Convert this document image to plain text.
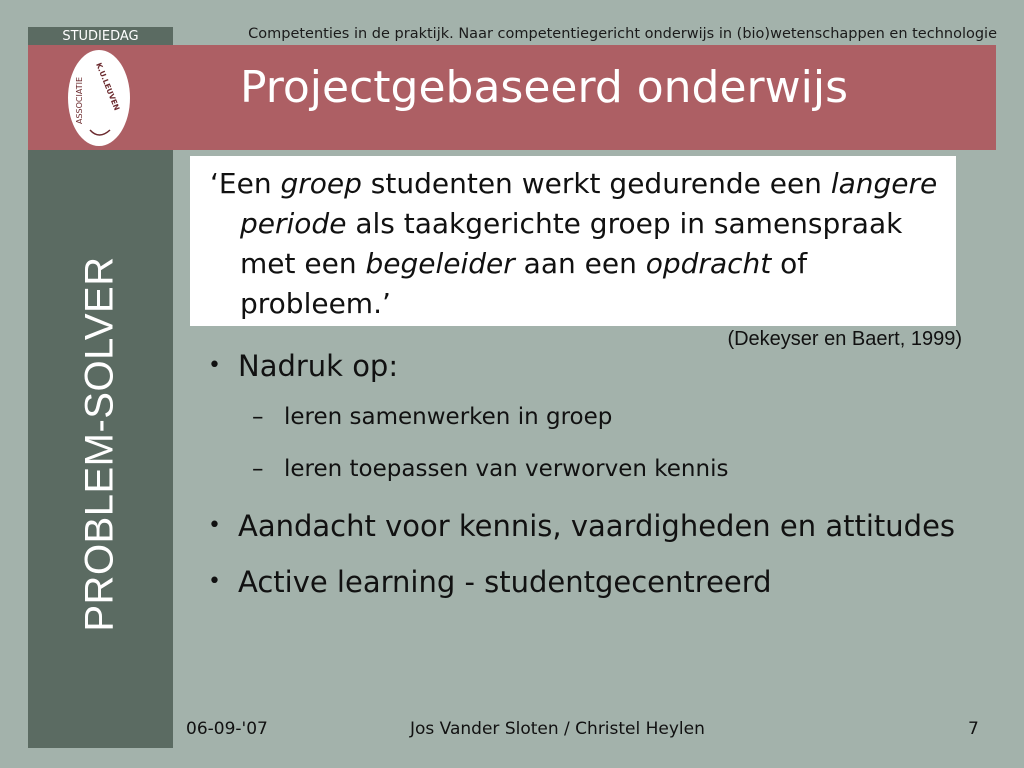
STUDIEDAG	Competenties in de praktijk. Naar competentiegericht onderwijs in (bio)wetenschappen en technologie
ASSOCIATIE K.U.LEUVEN	Projectgebaseerd onderwijs
PROBLEM-SOLVER

‘Een groep studenten werkt gedurende een langere periode als taakgerichte groep in samenspraak met een begeleider aan een opdracht of probleem.’

(Dekeyser en Baert, 1999)
• Nadruk op:
– leren samenwerken in groep
– leren toepassen van verworven kennis
• Aandacht voor kennis, vaardigheden en attitudes
• Active learning - studentgecentreerd
06-09-'07	Jos Vander Sloten / Christel Heylen	7
